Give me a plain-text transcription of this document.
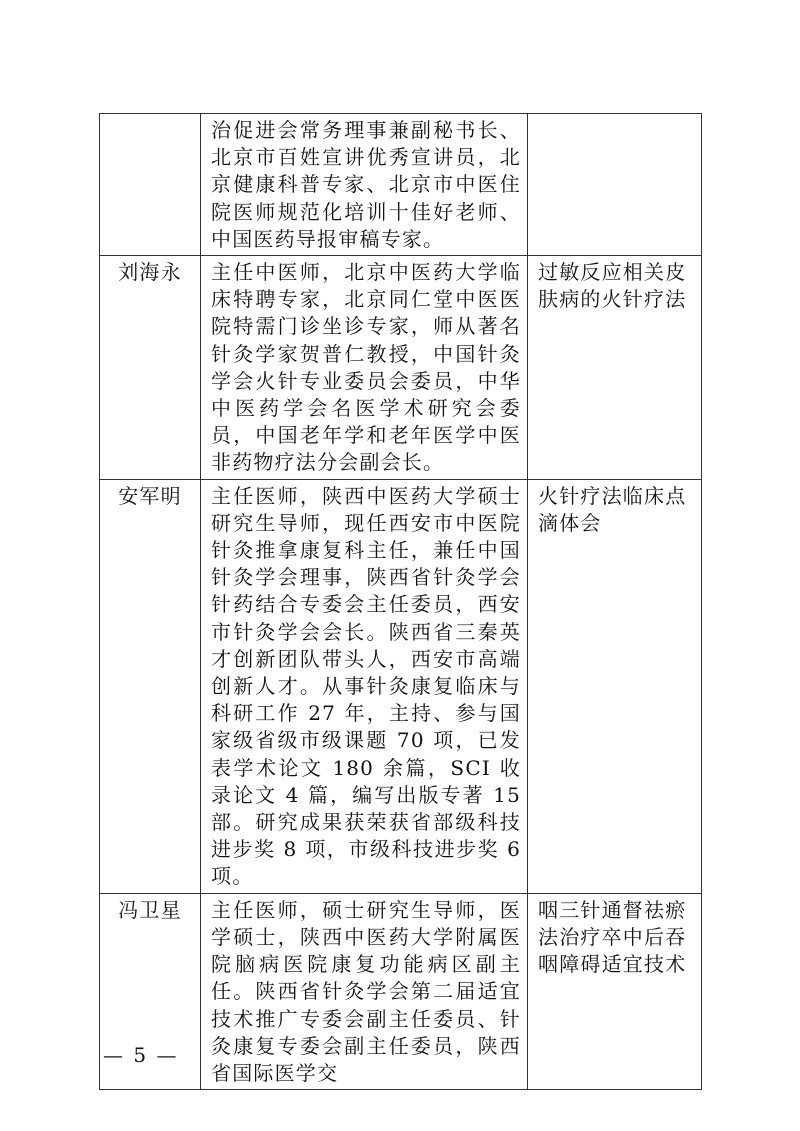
	治促进会常务理事兼副秘书长、北京市百姓宣讲优秀宣讲员，北京健康科普专家、北京市中医住院医师规范化培训十佳好老师、中国医药导报审稿专家。	
刘海永	主任中医师，北京中医药大学临床特聘专家，北京同仁堂中医医院特需门诊坐诊专家，师从著名针灸学家贺普仁教授，中国针灸学会火针专业委员会委员，中华中医药学会名医学术研究会委员，中国老年学和老年医学中医非药物疗法分会副会长。	过敏反应相关皮肤病的火针疗法
安军明	主任医师，陕西中医药大学硕士研究生导师，现任西安市中医院针灸推拿康复科主任，兼任中国针灸学会理事，陕西省针灸学会针药结合专委会主任委员，西安市针灸学会会长。陕西省三秦英才创新团队带头人，西安市高端创新人才。从事针灸康复临床与科研工作 27 年，主持、参与国家级省级市级课题 70 项，已发表学术论文 180 余篇，SCI 收录论文 4 篇，编写出版专著 15 部。研究成果获荣获省部级科技进步奖 8 项，市级科技进步奖 6 项。	火针疗法临床点滴体会
冯卫星	主任医师，硕士研究生导师，医学硕士，陕西中医药大学附属医院脑病医院康复功能病区副主任。陕西省针灸学会第二届适宜技术推广专委会副主任委员、针灸康复专委会副主任委员，陕西省国际医学交	咽三针通督祛瘀法治疗卒中后吞咽障碍适宜技术
— 5 —
